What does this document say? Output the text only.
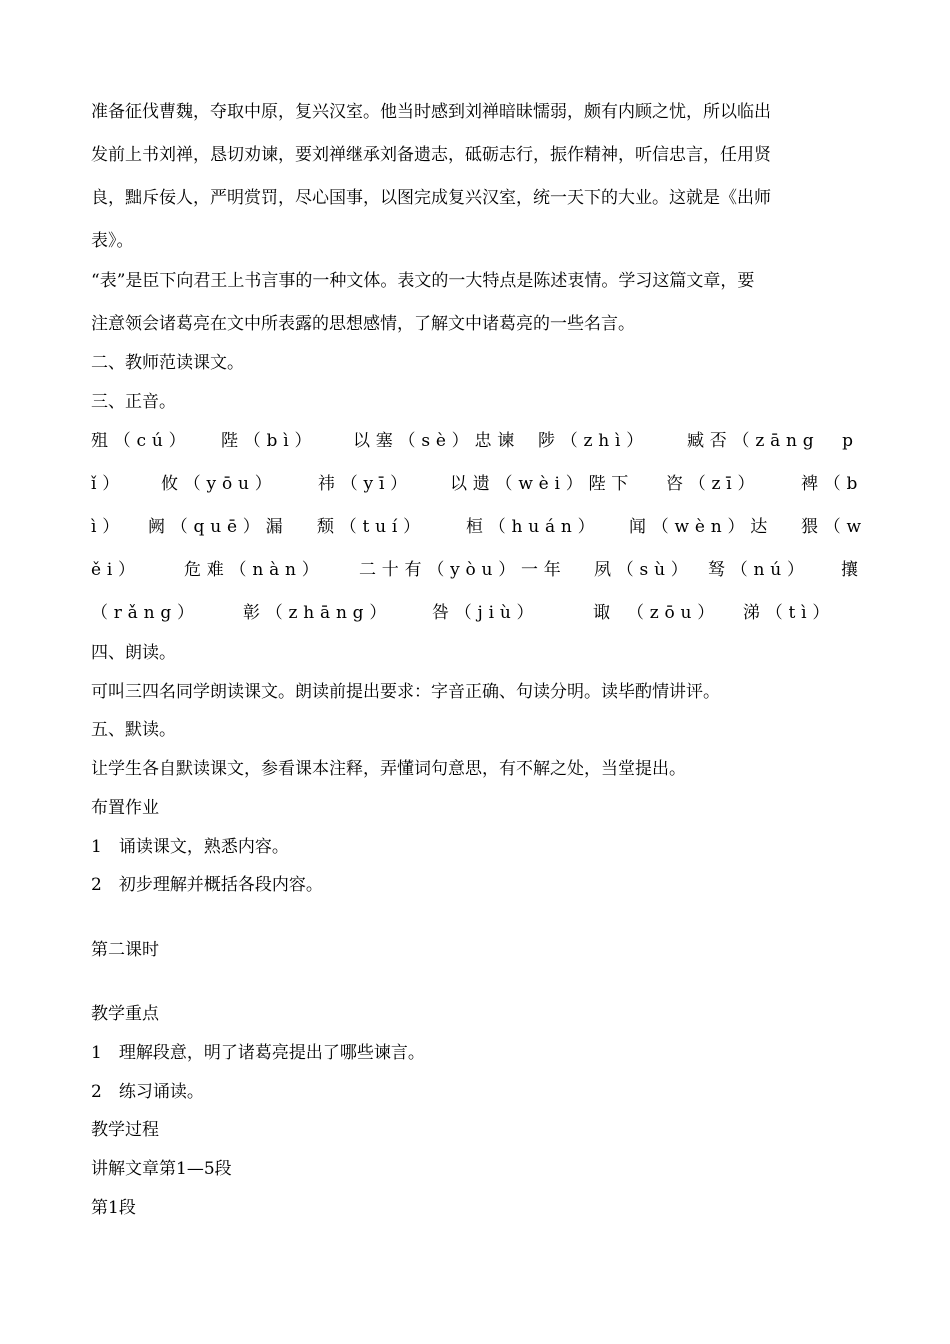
准备征伐曹魏，夺取中原，复兴汉室。他当时感到刘禅暗昧懦弱，颇有内顾之忧，所以临出
发前上书刘禅，恳切劝谏，要刘禅继承刘备遗志，砥砺志行，振作精神，听信忠言，任用贤
良，黜斥佞人，严明赏罚，尽心国事，以图完成复兴汉室，统一天下的大业。这就是《出师
表》。
“表”是臣下向君王上书言事的一种文体。表文的一大特点是陈述衷情。学习这篇文章，要
注意领会诸葛亮在文中所表露的思想感情，了解文中诸葛亮的一些名言。
二、教师范读课文。
三、正音。
殂（cú） 陛（bì） 以塞（sè）忠谏 陟（zhì） 臧否（zāng　p
ǐ） 攸（yōu） 祎（yī） 以遗（wèi）陛下 咨（zī） 裨（b
ì） 阙（quē）漏 颓（tuí） 桓（huán） 闻（wèn）达 猥（w
ěi）	危难（nàn） 二十有（yòu）一年 夙（sù） 驽（nú） 攘
（rǎng）	彰（zhāng） 咎（jiù）	诹 （zōu） 涕（tì）
四、朗读。
可叫三四名同学朗读课文。朗读前提出要求：字音正确、句读分明。读毕酌情讲评。
五、默读。
让学生各自默读课文，参看课本注释，弄懂词句意思，有不解之处，当堂提出。
布置作业
1　诵读课文，熟悉内容。
2　初步理解并概括各段内容。
第二课时
教学重点
1　理解段意，明了诸葛亮提出了哪些谏言。
2　练习诵读。
教学过程
讲解文章第1—5段
第1段
